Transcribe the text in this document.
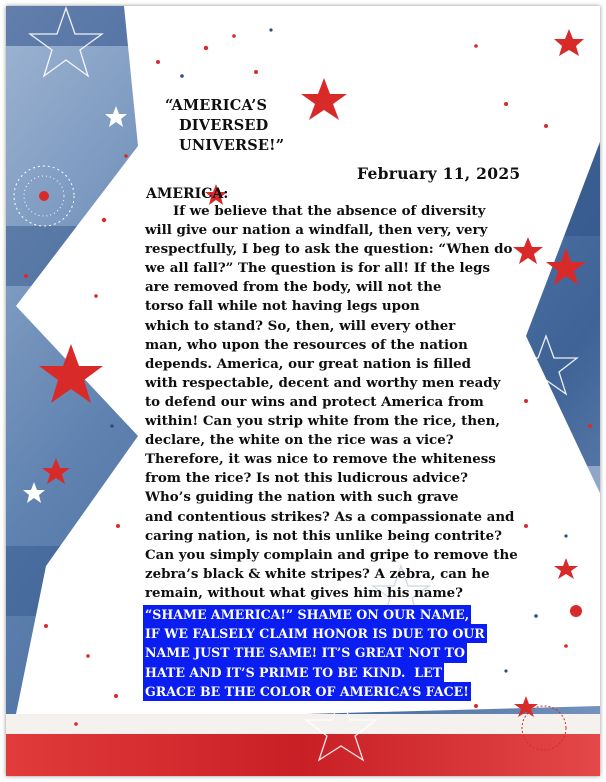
“AMERICA’S
DIVERSED
UNIVERSE!”
February 11, 2025
AMERICA:
If we believe that the absence of diversity
will give our nation a windfall, then very, very
respectfully, I beg to ask the question: “When do
we all fall?” The question is for all! If the legs
are removed from the body, will not the
torso fall while not having legs upon
which to stand? So, then, will every other
man, who upon the resources of the nation
depends. America, our great nation is filled
with respectable, decent and worthy men ready
to defend our wins and protect America from
within! Can you strip white from the rice, then,
declare, the white on the rice was a vice?
Therefore, it was nice to remove the whiteness
from the rice? Is not this ludicrous advice?
Who’s guiding the nation with such grave
and contentious strikes? As a compassionate and
caring nation, is not this unlike being contrite?
Can you simply complain and gripe to remove the
zebra’s black & white stripes? A zebra, can he
remain, without what gives him his name?
“SHAME AMERICA!” SHAME ON OUR NAME,
IF WE FALSELY CLAIM HONOR IS DUE TO OUR
NAME JUST THE SAME! IT’S GREAT NOT TO
HATE AND IT’S PRIME TO BE KIND.  LET
GRACE BE THE COLOR OF AMERICA’S FACE!
